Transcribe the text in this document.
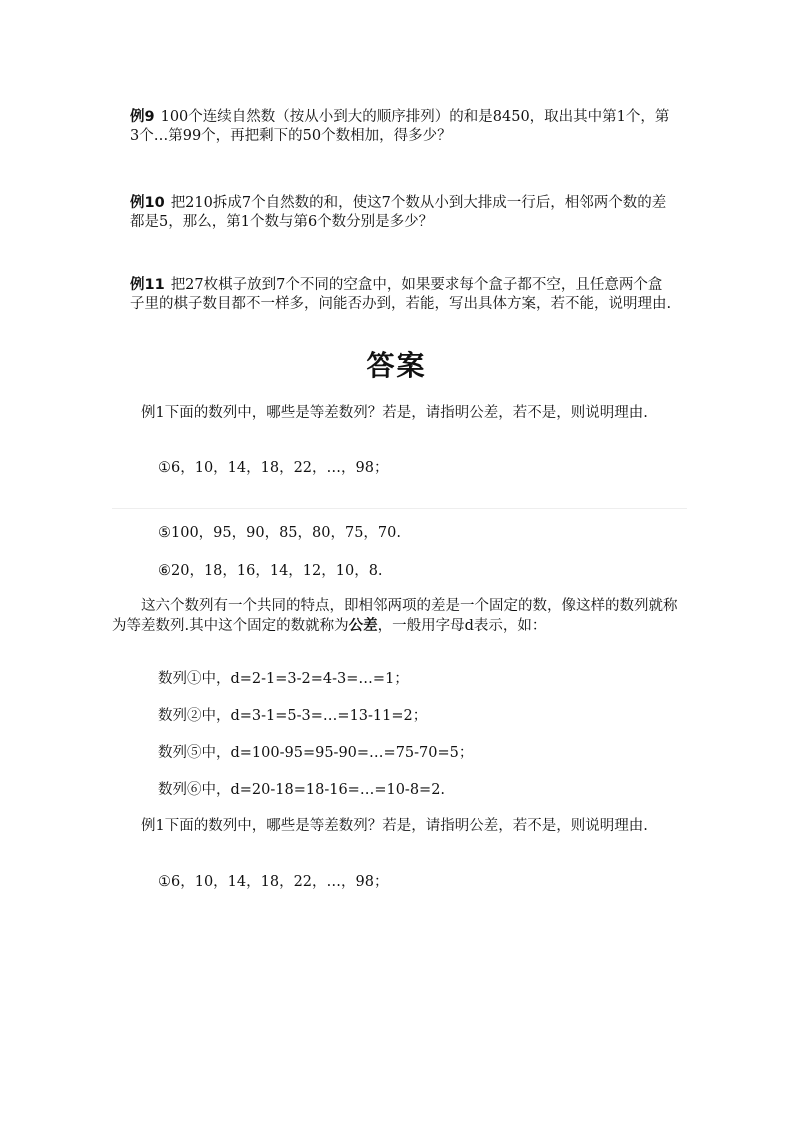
例9 100个连续自然数（按从小到大的顺序排列）的和是8450，取出其中第1个，第3个…第99个，再把剩下的50个数相加，得多少？

例10 把210拆成7个自然数的和，使这7个数从小到大排成一行后，相邻两个数的差都是5，那么，第1个数与第6个数分别是多少？

例11 把27枚棋子放到7个不同的空盒中，如果要求每个盒子都不空，且任意两个盒子里的棋子数目都不一样多，问能否办到，若能，写出具体方案，若不能，说明理由.

答案

例1下面的数列中，哪些是等差数列？若是，请指明公差，若不是，则说明理由.

①6，10，14，18，22，…，98；

⑤100，95，90，85，80，75，70.

⑥20，18，16，14，12，10，8.

这六个数列有一个共同的特点，即相邻两项的差是一个固定的数，像这样的数列就称为等差数列.其中这个固定的数就称为公差，一般用字母d表示，如：

数列①中，d=2-1=3-2=4-3=…=1；

数列②中，d=3-1=5-3=…=13-11=2；

数列⑤中，d=100-95=95-90=…=75-70=5；

数列⑥中，d=20-18=18-16=…=10-8=2.

例1下面的数列中，哪些是等差数列？若是，请指明公差，若不是，则说明理由.

①6，10，14，18，22，…，98；
